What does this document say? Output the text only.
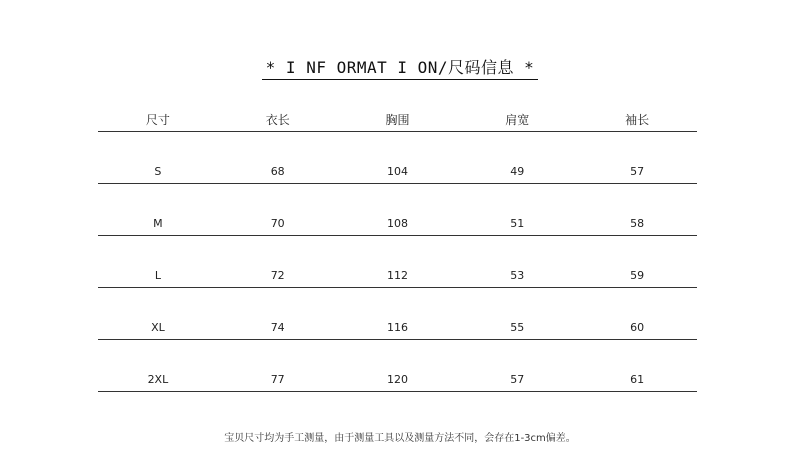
* I NF ORMAT I ON/尺码信息 *
尺寸	衣长	胸围	肩宽	袖长
S	68	104	49	57
M	70	108	51	58
L	72	112	53	59
XL	74	116	55	60
2XL	77	120	57	61
宝贝尺寸均为手工测量，由于测量工具以及测量方法不同，会存在1-3cm偏差。
